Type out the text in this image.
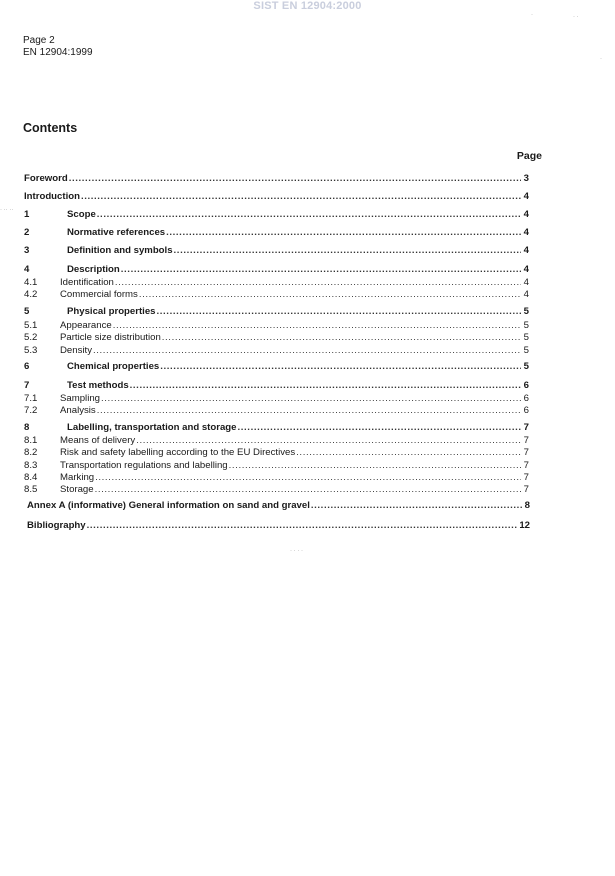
SIST EN 12904:2000
Page 2
EN 12904:1999
Contents
Page
Foreword .....	3
Introduction .....	4
1	Scope .....	4
2	Normative references .....	4
3	Definition and symbols .....	4
4	Description .....	4
4.1	Identification .....	4
4.2	Commercial forms .....	4
5	Physical properties .....	5
5.1	Appearance .....	5
5.2	Particle size distribution .....	5
5.3	Density .....	5
6	Chemical properties .....	5
7	Test methods .....	6
7.1	Sampling .....	6
7.2	Analysis .....	6
8	Labelling, transportation and storage .....	7
8.1	Means of delivery .....	7
8.2	Risk and safety labelling according to the EU Directives .....	7
8.3	Transportation regulations and labelling .....	7
8.4	Marking .....	7
8.5	Storage .....	7
Annex A (informative) General information on sand and gravel .....	8
Bibliography .....	12
·	· ·
·
· ·· ··
· · · ·
